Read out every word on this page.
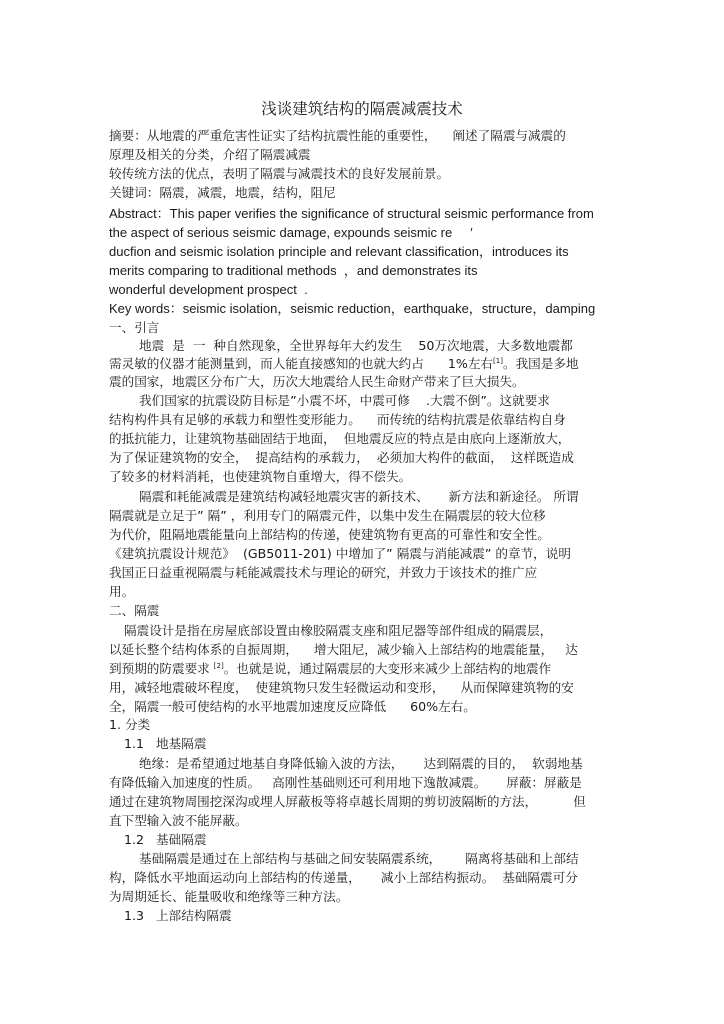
浅谈建筑结构的隔震减震技术
摘要：从地震的严重危害性证实了结构抗震性能的重要性，    阐述了隔震与减震的
原理及相关的分类，介绍了隔震减震
较传统方法的优点，表明了隔震与减震技术的良好发展前景。
关键词：隔震，减震，地震，结构，阻尼
Abstract：This paper verifies the significance of structural seismic performance from
the aspect of serious seismic damage, expounds seismic re     ′
ducfion and seismic isolation principle and relevant classification，introduces its
merits comparing to traditional methods  ，and demonstrates its
wonderful development prospect  .
Key words：seismic isolation，seismic reduction，earthquake，structure，damping
一、引言
地震  是  一  种自然现象，全世界每年大约发生    50万次地震，大多数地震都
需灵敏的仪器才能测量到，而人能直接感知的也就大约占      1%左右[1]。我国是多地
震的国家，地震区分布广大，历次大地震给人民生命财产带来了巨大损失。
我们国家的抗震设防目标是”小震不坏，中震可修    .大震不倒”。这就要求
结构构件具有足够的承载力和塑性变形能力。    而传统的结构抗震是依靠结构自身
的抵抗能力，让建筑物基础固结于地面，  但地震反应的特点是由底向上逐渐放大，
为了保证建筑物的安全，  提高结构的承载力，  必须加大构件的截面，  这样既造成
了较多的材料消耗，也使建筑物自重增大，得不偿失。
隔震和耗能减震是建筑结构减轻地震灾害的新技术、     新方法和新途径。 所谓
隔震就是立足于” 隔” ，利用专门的隔震元件，以集中发生在隔震层的较大位移
为代价，阻隔地震能量向上部结构的传递，使建筑物有更高的可靠性和安全性。
《建筑抗震设计规范》  (GB5011-201) 中增加了” 隔震与消能减震” 的章节，说明
我国正日益重视隔震与耗能减震技术与理论的研究，并致力于该技术的推广应
用。
二、隔震
隔震设计是指在房屋底部设置由橡胶隔震支座和阻尼器等部件组成的隔震层，
以延长整个结构体系的自振周期，    增大阻尼，减少输入上部结构的地震能量，   达
到预期的防震要求 [2]。也就是说，通过隔震层的大变形来减少上部结构的地震作
用，减轻地震破坏程度，  使建筑物只发生轻微运动和变形，    从而保障建筑物的安
全，隔震一般可使结构的水平地震加速度反应降低      60%左右。
1. 分类
1.1   地基隔震
绝缘：是希望通过地基自身降低输入波的方法，     达到隔震的目的，  软弱地基
有降低输入加速度的性质。   高刚性基础则还可利用地下逸散减震。     屏蔽：屏蔽是
通过在建筑物周围挖深沟或埋人屏蔽板等将卓越长周期的剪切波隔断的方法，         但
直下型输入波不能屏蔽。
1.2   基础隔震
基础隔震是通过在上部结构与基础之间安装隔震系统，      隔离将基础和上部结
构，降低水平地面运动向上部结构的传递量，     减小上部结构振动。  基础隔震可分
为周期延长、能量吸收和绝缘等三种方法。
1.3   上部结构隔震
